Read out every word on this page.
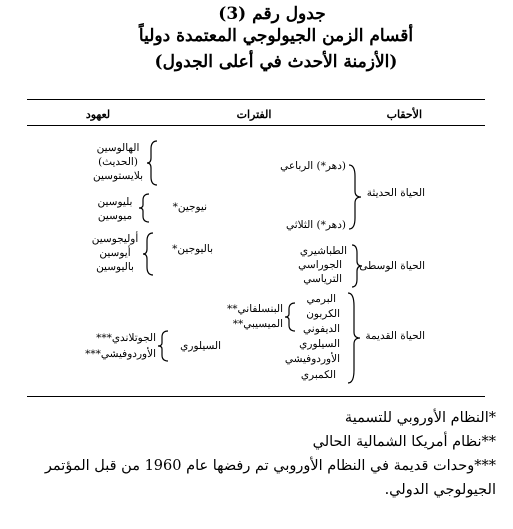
جدول رقم (3)
أقسام الزمن الجيولوجي المعتمدة دولياً
(الأزمنة الأحدث في أعلى الجدول)
الأحقاب
الفترات
لعهود
الحياة الحديثة
(دهر*) الرباعي
(دهر*) الثلاثي
الهالوسين
(الحديث)
بلايستوسين
نيوجين*
بليوسين
ميوسين
باليوجين*
أوليجوسين
أيوسين
باليوسين	الحياة الوسطى
الطباشيري
الجوراسي
الترياسي
الحياة القديمة
البرمي
الكربون
الديفوني
السيلوري
الأوردوفيشي
الكمبري
البنسلفاني**
الميسيبي**
السيلوري
الجوتلاندي***
الأوردوفيشي***
*النظام الأوروبي للتسمية
**نظام أمريكا الشمالية الحالي
***وحدات قديمة في النظام الأوروبي تم رفضها عام 1960 من قبل المؤتمر
الجيولوجي الدولي.
